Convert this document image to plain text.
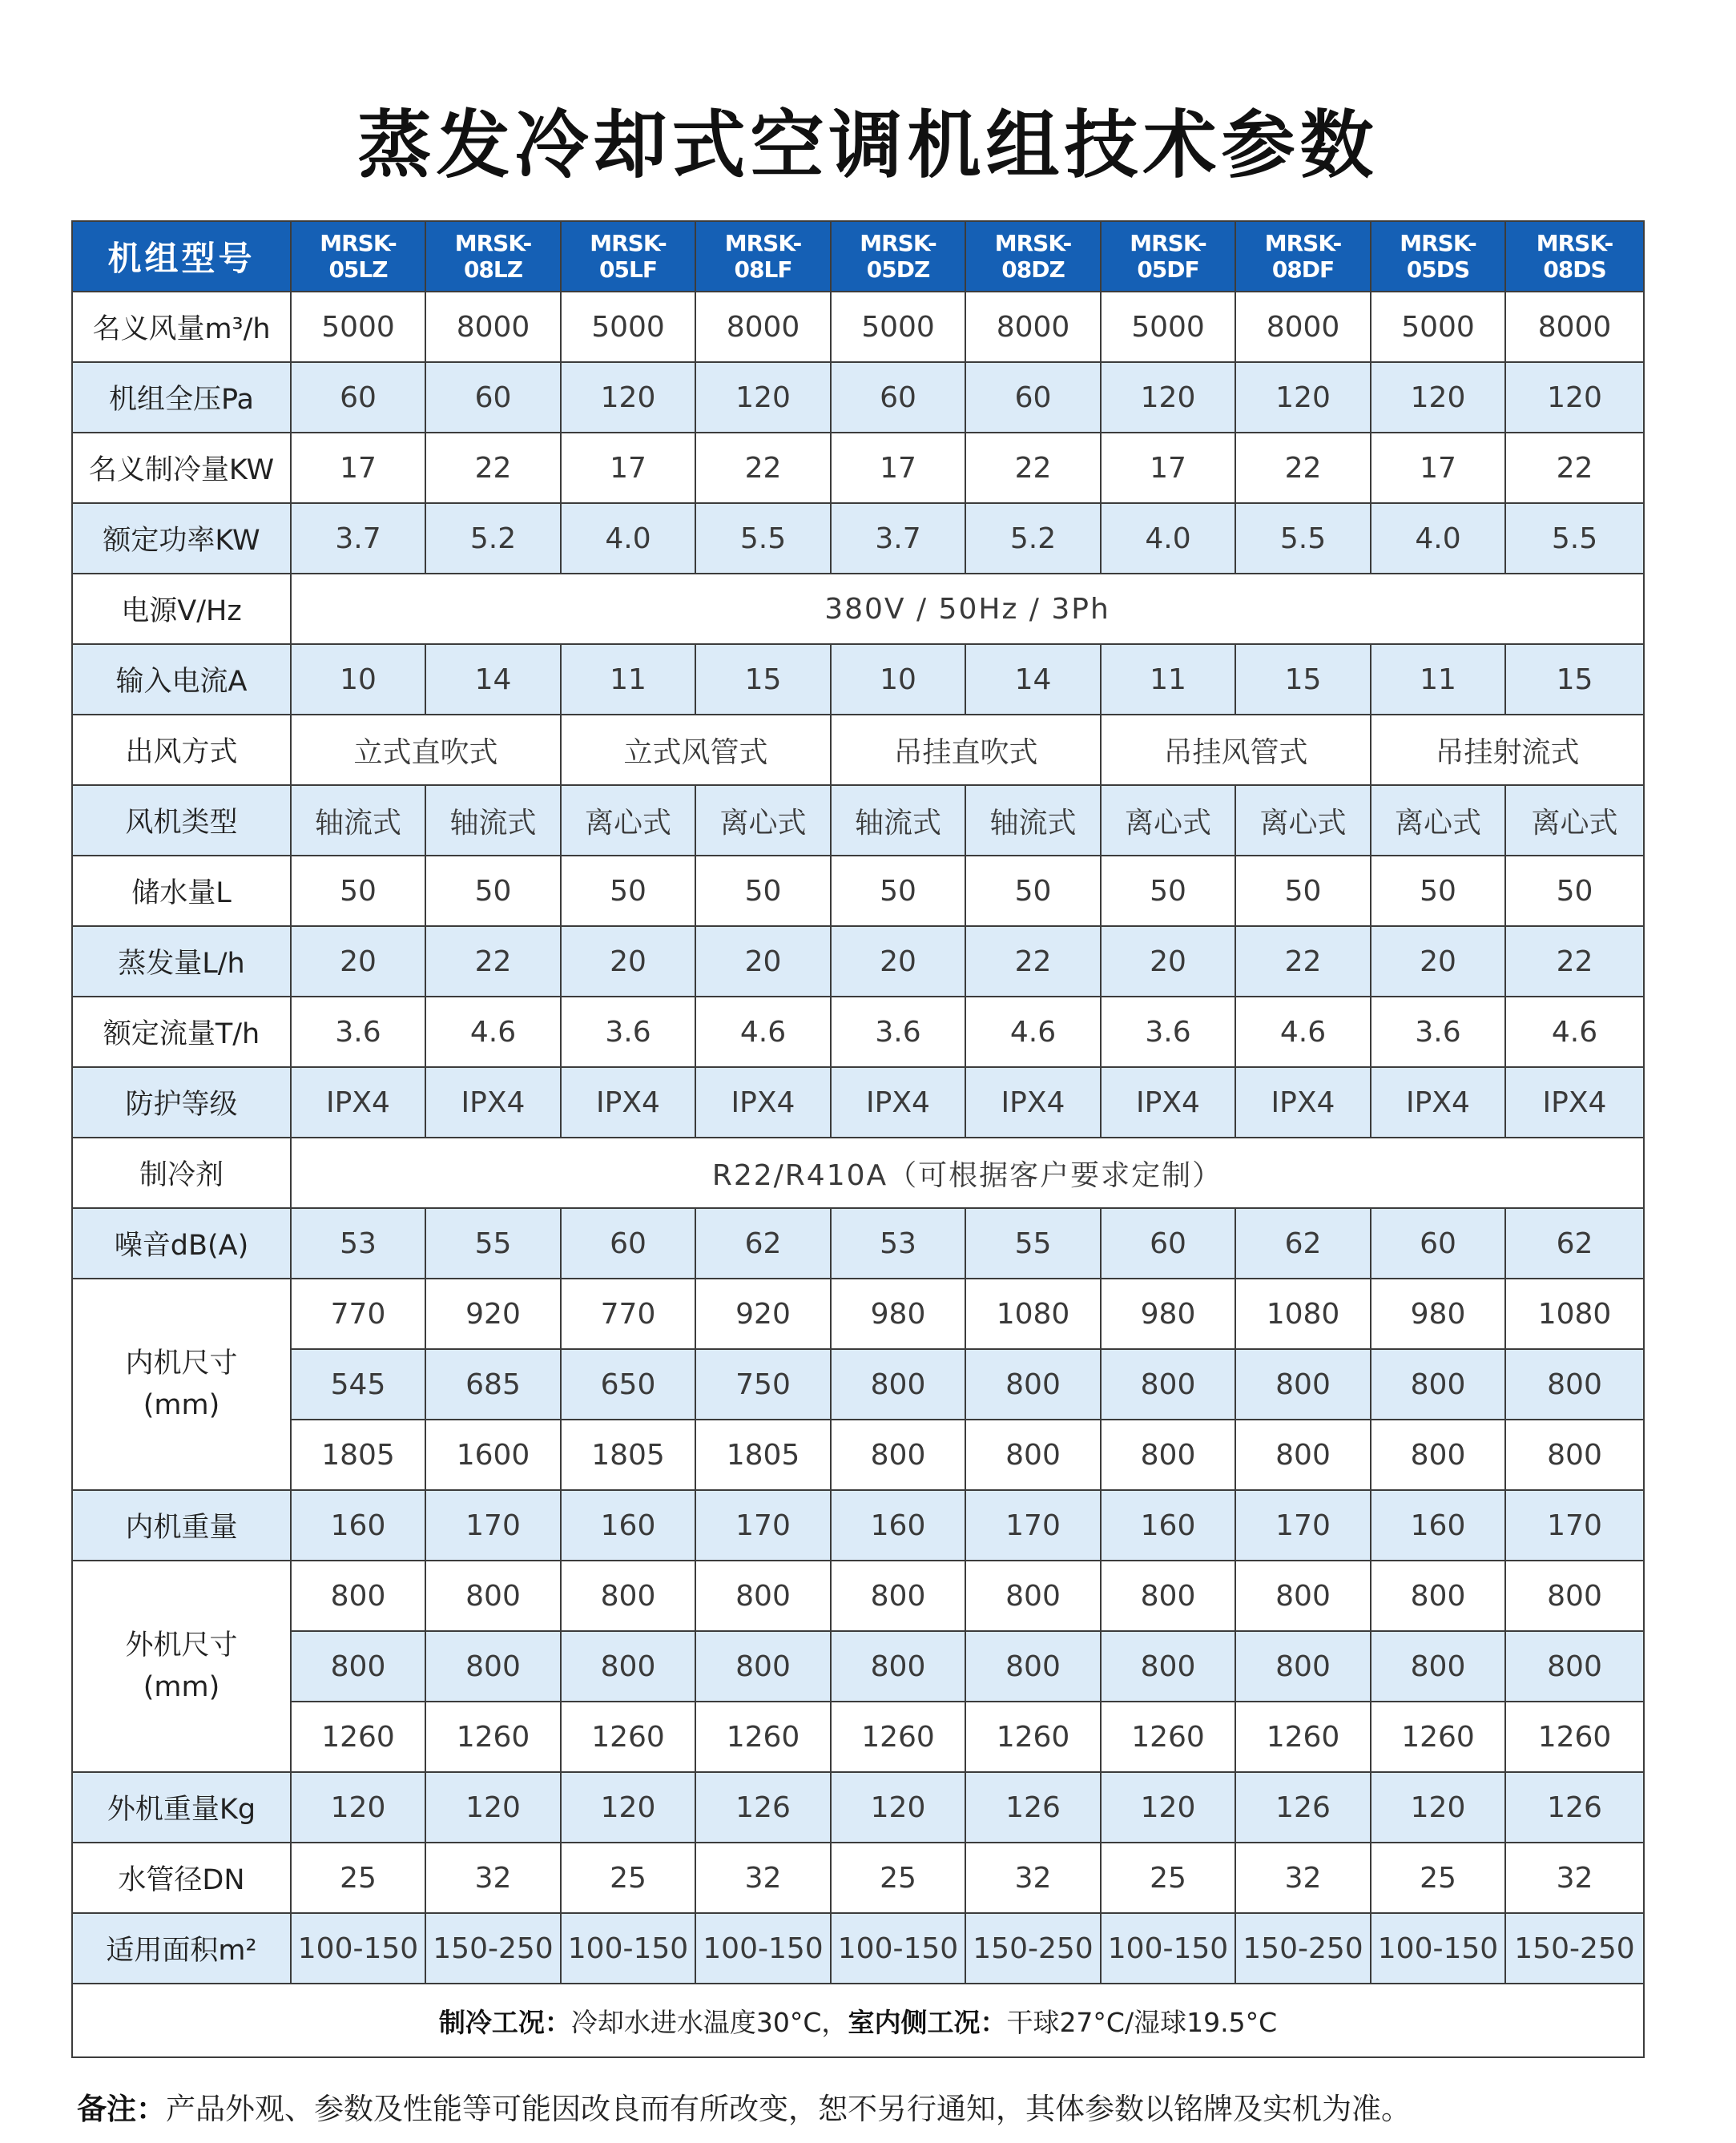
蒸发冷却式空调机组技术参数
机组型号	MRSK-05LZ	MRSK-08LZ	MRSK-05LF	MRSK-08LF	MRSK-05DZ	MRSK-08DZ	MRSK-05DF	MRSK-08DF	MRSK-05DS	MRSK-08DS
名义风量m³/h	5000	8000	5000	8000	5000	8000	5000	8000	5000	8000
机组全压Pa	60	60	120	120	60	60	120	120	120	120
名义制冷量KW	17	22	17	22	17	22	17	22	17	22
额定功率KW	3.7	5.2	4.0	5.5	3.7	5.2	4.0	5.5	4.0	5.5
电源V/Hz	380V / 50Hz / 3Ph									
输入电流A	10	14	11	15	10	14	11	15	11	15
出风方式	立式直吹式		立式风管式		吊挂直吹式		吊挂风管式		吊挂射流式	
风机类型	轴流式	轴流式	离心式	离心式	轴流式	轴流式	离心式	离心式	离心式	离心式
储水量L	50	50	50	50	50	50	50	50	50	50
蒸发量L/h	20	22	20	20	20	22	20	22	20	22
额定流量T/h	3.6	4.6	3.6	4.6	3.6	4.6	3.6	4.6	3.6	4.6
防护等级	IPX4	IPX4	IPX4	IPX4	IPX4	IPX4	IPX4	IPX4	IPX4	IPX4
制冷剂	R22/R410A（可根据客户要求定制）									
噪音dB(A)	53	55	60	62	53	55	60	62	60	62
内机尺寸
(mm)	770	920	770	920	980	1080	980	1080	980	1080
	545	685	650	750	800	800	800	800	800	800
	1805	1600	1805	1805	800	800	800	800	800	800
内机重量	160	170	160	170	160	170	160	170	160	170
外机尺寸
(mm)	800	800	800	800	800	800	800	800	800	800
	800	800	800	800	800	800	800	800	800	800
	1260	1260	1260	1260	1260	1260	1260	1260	1260	1260
外机重量Kg	120	120	120	126	120	126	120	126	120	126
水管径DN	25	32	25	32	25	32	25	32	25	32
适用面积m²	100-150	150-250	100-150	100-150	100-150	150-250	100-150	150-250	100-150	150-250
制冷工况：冷却水进水温度30°C，室内侧工况：干球27°C/湿球19.5°C										
备注：产品外观、参数及性能等可能因改良而有所改变，恕不另行通知，其体参数以铭牌及实机为准。
